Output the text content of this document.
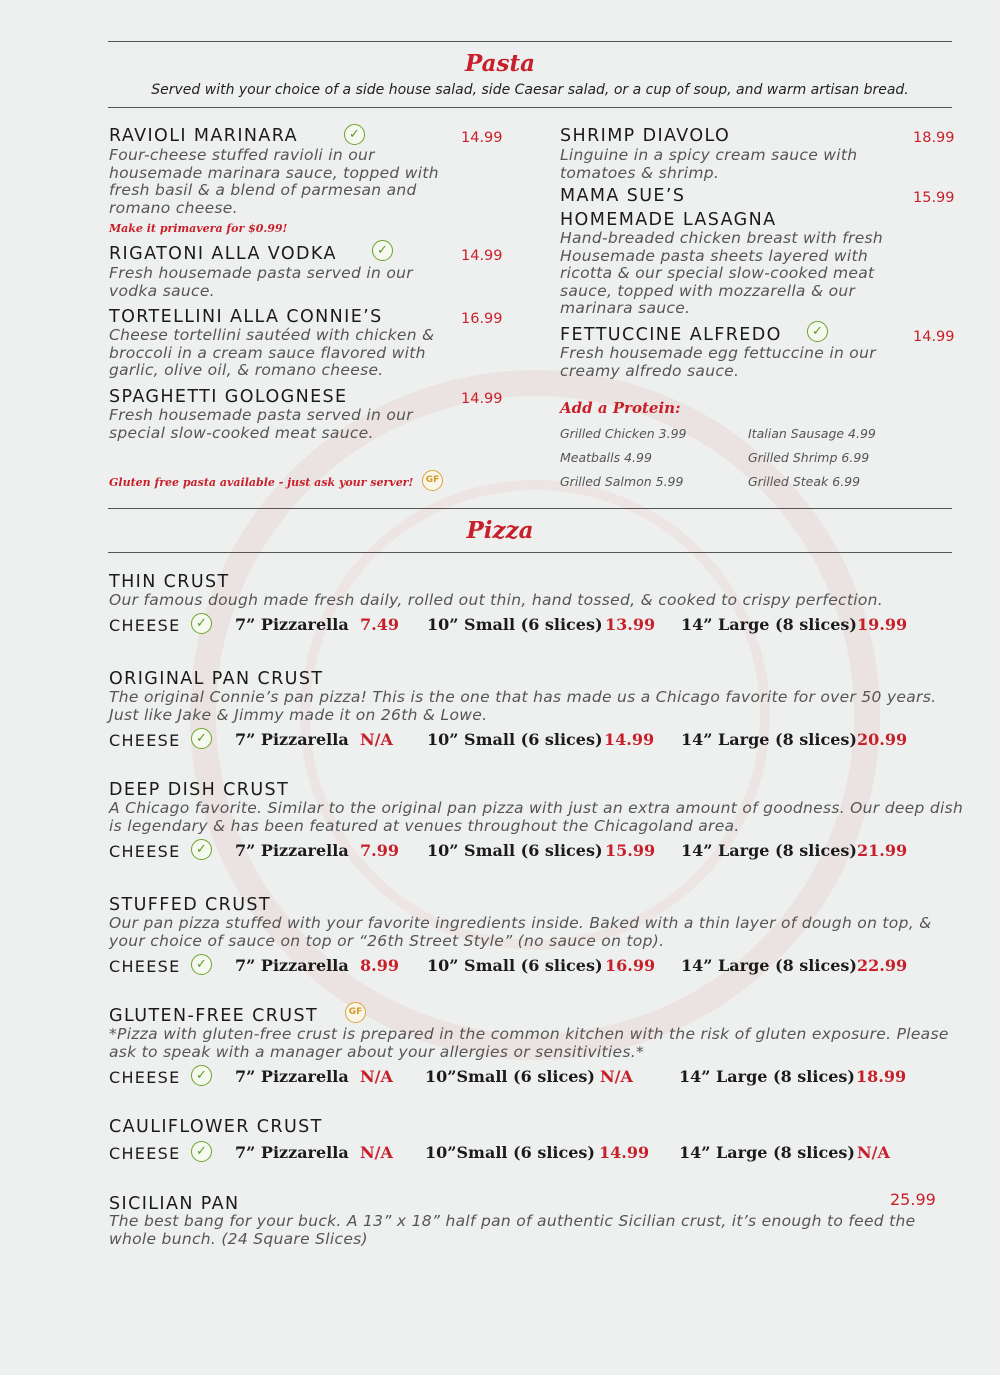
Pasta
Served with your choice of a side house salad, side Caesar salad, or a cup of soup, and warm artisan bread.
RAVIOLI MARINARA	✓	14.99
Four-cheese stuffed ravioli in our housemade marinara sauce, topped with fresh basil & a blend of parmesan and romano cheese.
Make it primavera for $0.99!
RIGATONI ALLA VODKA	✓	14.99
Fresh housemade pasta served in our vodka sauce.
TORTELLINI ALLA CONNIE’S	16.99
Cheese tortellini sautéed with chicken & broccoli in a cream sauce flavored with garlic, olive oil, & romano cheese.
SPAGHETTI GOLOGNESE	14.99
Fresh housemade pasta served in our special slow-cooked meat sauce.
Gluten free pasta available - just ask your server!	GF
SHRIMP DIAVOLO	18.99
Linguine in a spicy cream sauce with tomatoes & shrimp.
MAMA SUE’S
HOMEMADE LASAGNA
15.99
Hand-breaded chicken breast with fresh Housemade pasta sheets layered with ricotta & our special slow-cooked meat sauce, topped with mozzarella & our marinara sauce.
FETTUCCINE ALFREDO	✓	14.99
Fresh housemade egg fettuccine in our creamy alfredo sauce.
Add a Protein:
Grilled Chicken 3.99	Italian Sausage 4.99
Meatballs 4.99	Grilled Shrimp 6.99
Grilled Salmon 5.99	Grilled Steak 6.99
Pizza
THIN CRUST
Our famous dough made fresh daily, rolled out thin, hand tossed, & cooked to crispy perfection.
CHEESE	✓	7” Pizzarella 7.49 10” Small (6 slices) 13.99 14” Large (8 slices) 19.99
ORIGINAL PAN CRUST
The original Connie’s pan pizza! This is the one that has made us a Chicago favorite for over 50 years. Just like Jake & Jimmy made it on 26th & Lowe.
CHEESE	✓	7” Pizzarella N/A 10” Small (6 slices) 14.99 14” Large (8 slices) 20.99
DEEP DISH CRUST
A Chicago favorite. Similar to the original pan pizza with just an extra amount of goodness. Our deep dish is legendary & has been featured at venues throughout the Chicagoland area.
CHEESE	✓	7” Pizzarella 7.99 10” Small (6 slices) 15.99 14” Large (8 slices) 21.99
STUFFED CRUST
Our pan pizza stuffed with your favorite ingredients inside. Baked with a thin layer of dough on top, & your choice of sauce on top or “26th Street Style” (no sauce on top).
CHEESE	✓	7” Pizzarella 8.99 10” Small (6 slices) 16.99 14” Large (8 slices) 22.99
GLUTEN-FREE CRUST	GF
*Pizza with gluten-free crust is prepared in the common kitchen with the risk of gluten exposure. Please ask to speak with a manager about your allergies or sensitivities.*
CHEESE	✓	7” Pizzarella N/A 10”Small (6 slices) N/A	14” Large (8 slices) 18.99
CAULIFLOWER CRUST
CHEESE	✓	7” Pizzarella N/A 10”Small (6 slices) 14.99 14” Large (8 slices) N/A
SICILIAN PAN	25.99
The best bang for your buck. A 13” x 18” half pan of authentic Sicilian crust, it’s enough to feed the whole bunch. (24 Square Slices)
